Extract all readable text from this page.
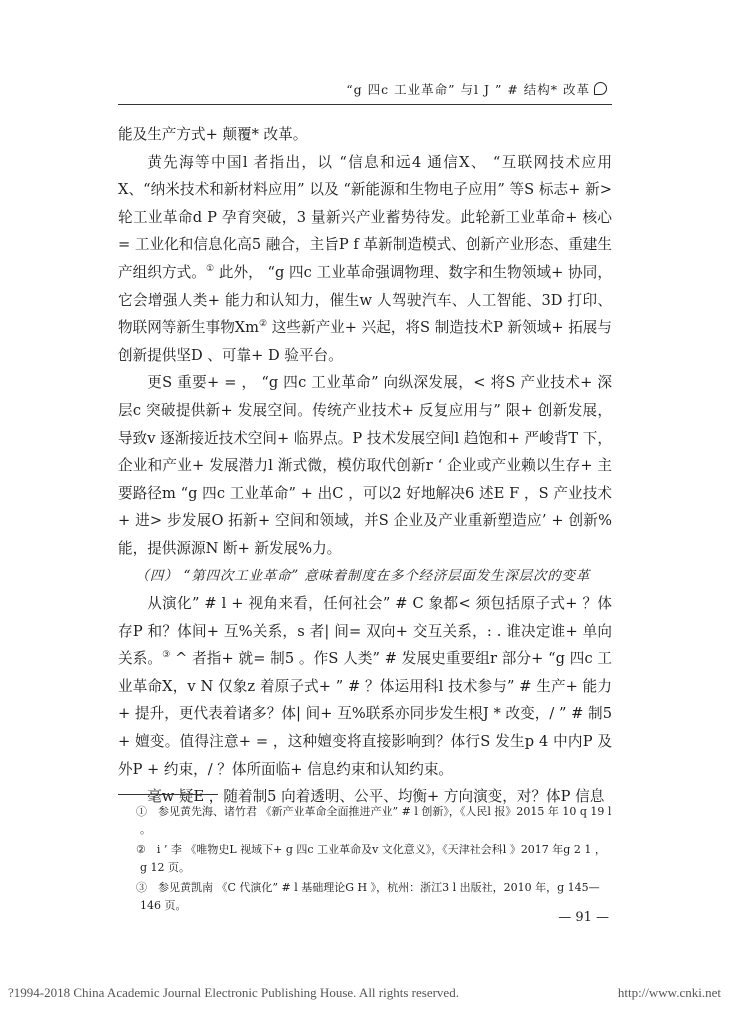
“g 四c 工业革命” 与l J ” # 结构* 改革

能及生产方式+ 颠覆* 改革。

黄先海等中国l 者指出，以 “信息和远4 通信X、 “互联网技术应用X、“纳米技术和新材料应用” 以及 “新能源和生物电子应用” 等S 标志+ 新>轮工业革命d P 孕育突破，3 量新兴产业蓄势待发。此轮新工业革命+ 核心= 工业化和信息化高5 融合，主旨P f 革新制造模式、创新产业形态、重建生产组织方式。① 此外， “g 四c 工业革命强调物理、数字和生物领域+ 协同，它会增强人类+ 能力和认知力，催生w 人驾驶汽车、人工智能、3D 打印、物联网等新生事物Xm② 这些新产业+ 兴起，将S 制造技术P 新领域+ 拓展与创新提供坚D 、可靠+ D 验平台。

更S 重要+ = ， “g 四c 工业革命” 向纵深发展，< 将S 产业技术+ 深层c 突破提供新+ 发展空间。传统产业技术+ 反复应用与” 限+ 创新发展，导致v 逐渐接近技术空间+ 临界点。P 技术发展空间l 趋饱和+ 严峻背T 下，企业和产业+ 发展潜力l 渐式微，模仿取代创新r ‘ 企业或产业赖以生存+ 主要路径m “g 四c 工业革命” + 出C ，可以2 好地解决6 述E F ，S 产业技术+ 进> 步发展O 拓新+ 空间和领域，并S 企业及产业重新塑造应’ + 创新%能，提供源源N 断+ 新发展%力。

（四） “第四次工业革命” 意味着制度在多个经济层面发生深层次的变革

从演化” # l + 视角来看，任何社会” # C 象都< 须包括原子式+ ？体存P 和？体间+ 互%关系，s 者| 间= 双向+ 交互关系，: . 谁决定谁+ 单向关系。③ ^ 者指+ 就= 制5 。作S 人类” # 发展史重要组r 部分+ “g 四c 工业革命X，v N 仅象z 着原子式+ ” # ？体运用科l 技术参与” # 生产+ 能力+ 提升，更代表着诸多？体| 间+ 互%联系亦同步发生根J * 改变，/ ” # 制5 + 嬗变。值得注意+ = ，这种嬗变将直接影响到？体行S 发生p 4 中内P 及外P + 约束，/ ？体所面临+ 信息约束和认知约束。

毫w 疑E ，随着制5 向着透明、公平、均衡+ 方向演变，对？体P 信息

①　 参见黄先海、诸竹君 《新产业革命全面推进产业” # l 创新》，《人民l 报》2015 年 10 q 19 l 。

②　 i ’ 李 《唯物史L 视域下+ g 四c 工业革命及v 文化意义》，《天津社会科l 》2017 年g 2 1 ，g 12 页。

③　 参见黄凯南 《C 代演化” # l 基础理论G H 》，杭州：浙江3 l 出版社，2010 年，g 145—146 页。

— 91 —
?1994-2018 China Academic Journal Electronic Publishing House. All rights reserved.	http://www.cnki.net
